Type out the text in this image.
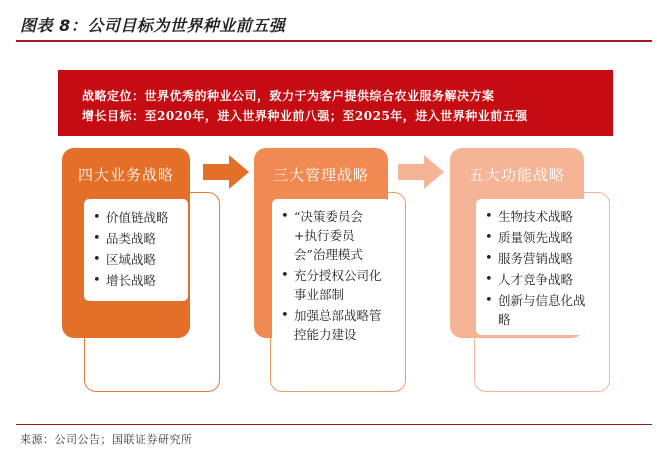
图表 8：公司目标为世界种业前五强
战略定位：世界优秀的种业公司，致力于为客户提供综合农业服务解决方案
增长目标：至2020年，进入世界种业前八强；至2025年，进入世界种业前五强
四大业务战略	三大管理战略	五大功能战略
• 价值链战略
• 品类战略
• 区域战略
• 增长战略
• “决策委员会+执行委员会”治理模式
• 充分授权公司化事业部制
• 加强总部战略管控能力建设
• 生物技术战略
• 质量领先战略
• 服务营销战略
• 人才竞争战略
• 创新与信息化战略
来源：公司公告；国联证券研究所
